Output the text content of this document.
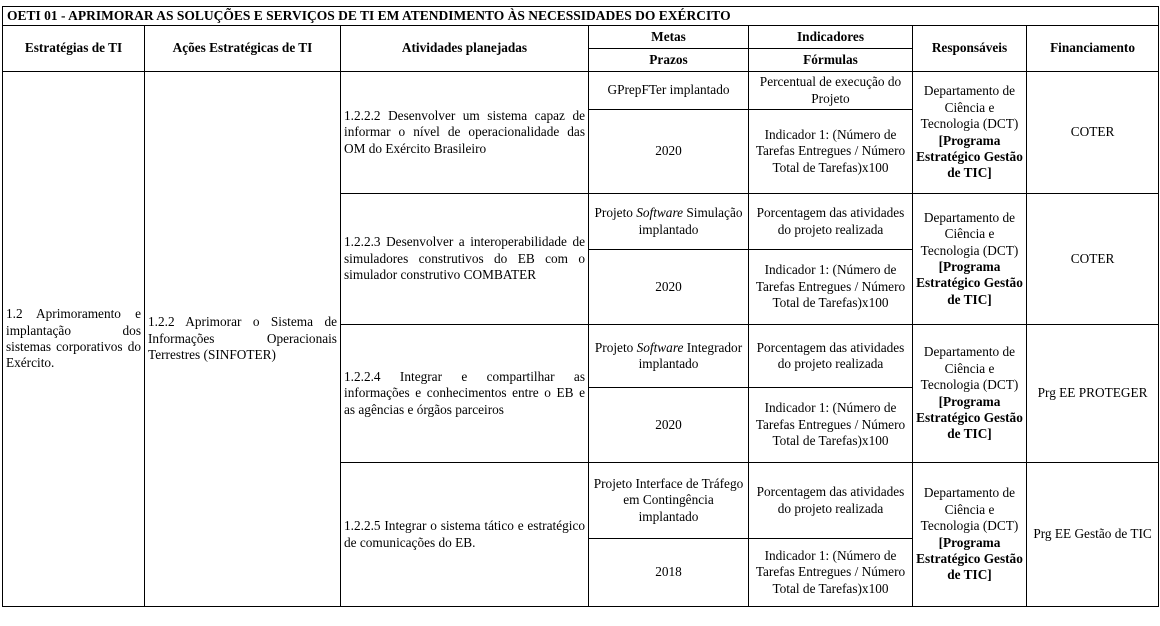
OETI 01 - APRIMORAR AS SOLUÇÕES E SERVIÇOS DE TI EM ATENDIMENTO ÀS NECESSIDADES DO EXÉRCITO						
Estratégias de TI	Ações Estratégicas de TI	Atividades planejadas	Metas	Indicadores	Responsáveis	Financiamento
			Prazos	Fórmulas		
1.2 Aprimoramento e implantação dos sistemas corporativos do Exército.	1.2.2 Aprimorar o Sistema de Informações Operacionais Terrestres (SINFOTER)	1.2.2.2 Desenvolver um sistema capaz de informar o nível de operacionalidade das OM do Exército Brasileiro	GPrepFTer implantado	Percentual de execução do Projeto	Departamento de Ciência e Tecnologia (DCT)
[Programa Estratégico Gestão de TIC]	COTER
			2020	Indicador 1: (Número de Tarefas Entregues / Número Total de Tarefas)x100		
		1.2.2.3 Desenvolver a interoperabilidade de simuladores construtivos do EB com o simulador construtivo COMBATER	Projeto Software Simulação implantado	Porcentagem das atividades do projeto realizada	Departamento de Ciência e Tecnologia (DCT)
[Programa Estratégico Gestão de TIC]	COTER
			2020	Indicador 1: (Número de Tarefas Entregues / Número Total de Tarefas)x100		
		1.2.2.4 Integrar e compartilhar as informações e conhecimentos entre o EB e as agências e órgãos parceiros	Projeto Software Integrador implantado	Porcentagem das atividades do projeto realizada	Departamento de Ciência e Tecnologia (DCT)
[Programa Estratégico Gestão de TIC]	Prg EE PROTEGER
			2020	Indicador 1: (Número de Tarefas Entregues / Número Total de Tarefas)x100		
		1.2.2.5 Integrar o sistema tático e estratégico de comunicações do EB.	Projeto Interface de Tráfego em Contingência implantado	Porcentagem das atividades do projeto realizada	Departamento de Ciência e Tecnologia (DCT)
[Programa Estratégico Gestão de TIC]	Prg EE Gestão de TIC
			2018	Indicador 1: (Número de Tarefas Entregues / Número Total de Tarefas)x100		
